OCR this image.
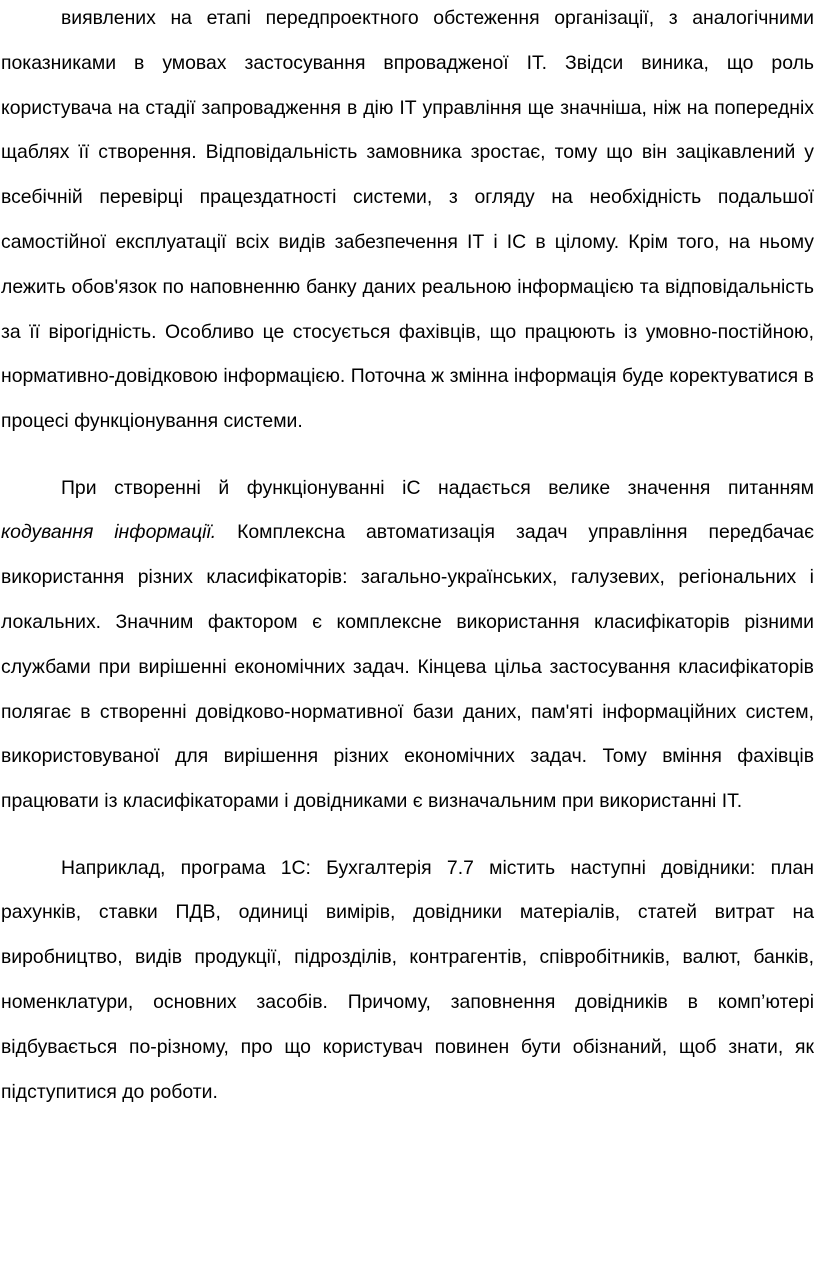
виявлених на етапі передпроектного обстеження організації, з аналогічними показниками в умовах застосування впровадженої ІТ. Звідси виника, що роль користувача на стадії запровадження в дію ІТ управління ще значніша, ніж на попередніх щаблях її створення. Відповідальність замовника зростає, тому що він зацікавлений у всебічній перевірці працездатності системи, з огляду на необхідність подальшої самостійної експлуатації всіх видів забезпечення ІТ і ІС в цілому. Крім того, на ньому лежить обов'язок по наповненню банку даних реальною інформацією та відповідальність за її вірогідність. Особливо це стосується фахівців, що працюють із умовно-постійною, нормативно-довідковою інформацією. Поточна ж змінна інформація буде коректуватися в процесі функціонування системи.

При створенні й функціонуванні іС надається велике значення питанням кодування інформації. Комплексна автоматизація задач управління передбачає використання різних класифікаторів: загально-українських, галузевих, регіональних і локальних. Значним фактором є комплексне використання класифікаторів різними службами при вирішенні економічних задач. Кінцева цільа застосування класифікаторів полягає в створенні довідково-нормативної бази даних, пам'яті інформаційних систем, використовуваної для вирішення різних економічних задач. Тому вміння фахівців працювати із класифікаторами і довідниками є визначальним при використанні ІТ.

Наприклад, програма 1С: Бухгалтерія 7.7 містить наступні довідники: план рахунків, ставки ПДВ, одиниці вимірів, довідники матеріалів, статей витрат на виробництво, видів продукції, підрозділів, контрагентів, співробітників, валют, банків, номенклатури, основних засобів. Причому, заповнення довідників в комп’ютері відбувається по-різному, про що користувач повинен бути обізнаний, щоб знати, як підступитися до роботи.
